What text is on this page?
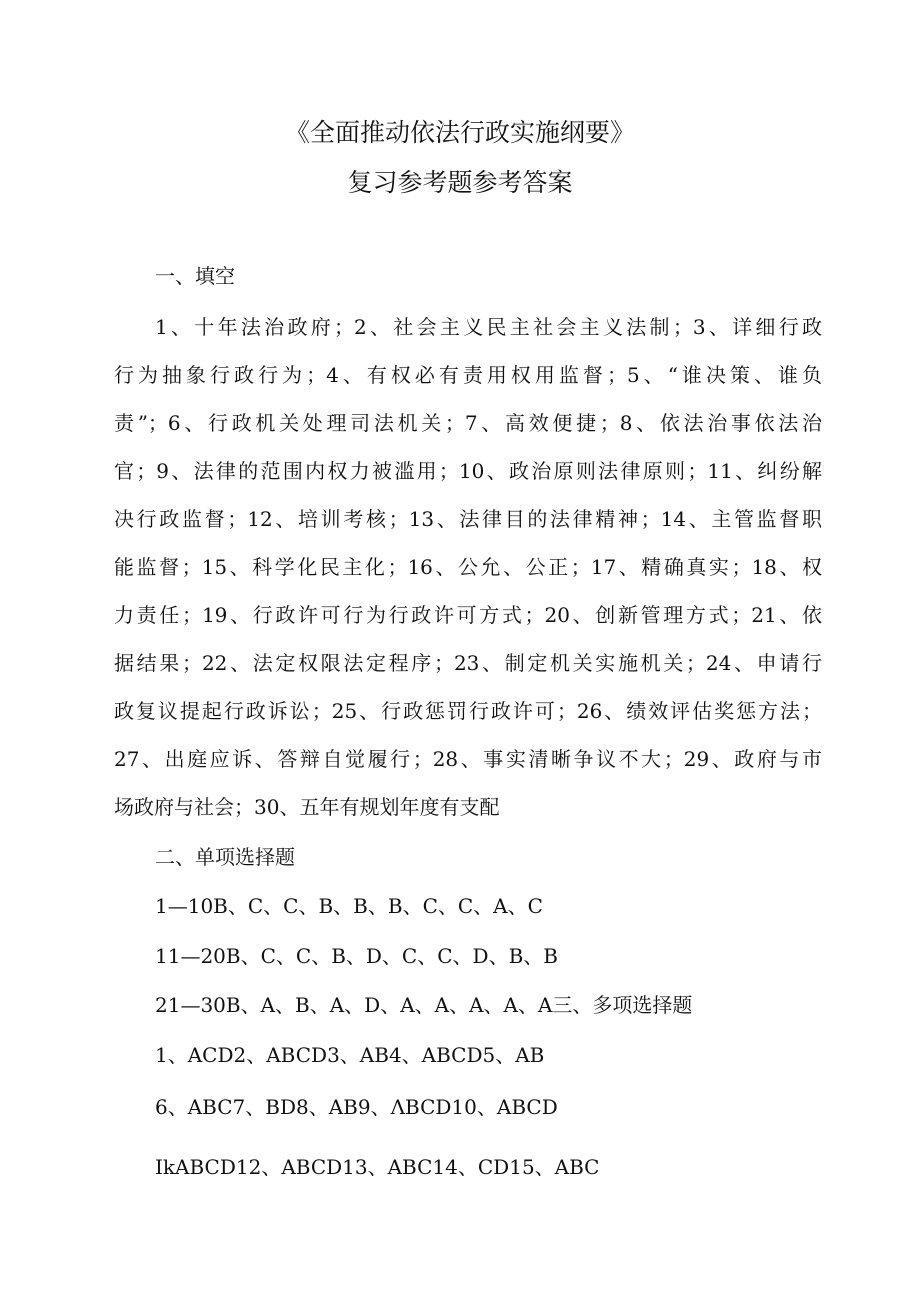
《全面推动依法行政实施纲要》
复习参考题参考答案
一、填空
1、十年法治政府；2、社会主义民主社会主义法制；3、详细行政
行为抽象行政行为；4、有权必有责用权用监督；5、“谁决策、谁负
责”；6、行政机关处理司法机关；7、高效便捷；8、依法治事依法治
官；9、法律的范围内权力被滥用；10、政治原则法律原则；11、纠纷解
决行政监督；12、培训考核；13、法律目的法律精神；14、主管监督职
能监督；15、科学化民主化；16、公允、公正；17、精确真实；18、权
力责任；19、行政许可行为行政许可方式；20、创新管理方式；21、依
据结果；22、法定权限法定程序；23、制定机关实施机关；24、申请行
政复议提起行政诉讼；25、行政惩罚行政许可；26、绩效评估奖惩方法；
27、出庭应诉、答辩自觉履行；28、事实清晰争议不大；29、政府与市
场政府与社会；30、五年有规划年度有支配
二、单项选择题
1—10B、C、C、B、B、B、C、C、A、C
11—20B、C、C、B、D、C、C、D、B、B
21—30B、A、B、A、D、A、A、A、A、A三、多项选择题
1、ACD2、ABCD3、AB4、ABCD5、AB
6、ABC7、BD8、AB9、ΛBCD10、ABCD
IkABCD12、ABCD13、ABC14、CD15、ABC
